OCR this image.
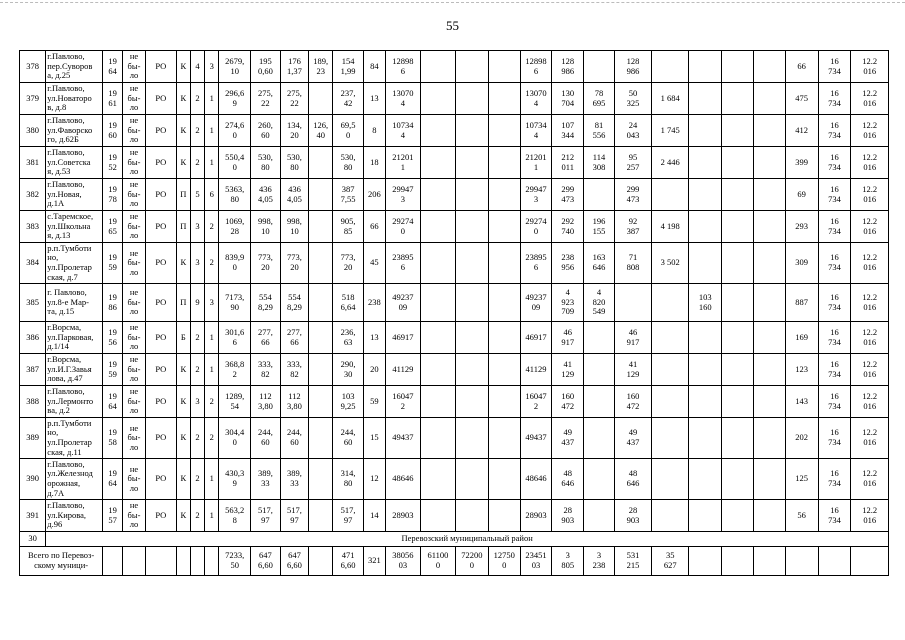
55
378	г.Павлово,
пер.Суворов
а, д.25	19
64	не
бы-
ло	РО	К	4	3	2679,
10	195
0,60	176
1,37	189,
23	154
1,99	84	12898
6				12898
6	128
986		128
986					66	16
734	12.2
016
379	г.Павлово,
ул.Новаторо
в, д.8	19
61	не
бы-
ло	РО	К	2	1	296,6
9	275,
22	275,
22		237,
42	13	13070
4				13070
4	130
704	78
695	50
325	1 684				475	16
734	12.2
016
380	г.Павлово,
ул.Фаворско
го, д.62Б	19
60	не
бы-
ло	РО	К	2	1	274,6
0	260,
60	134,
20	126,
40	69,5
0	8	10734
4				10734
4	107
344	81
556	24
043	1 745				412	16
734	12.2
016
381	г.Павлово,
ул.Советска
я, д.53	19
52	не
бы-
ло	РО	К	2	1	550,4
0	530,
80	530,
80		530,
80	18	21201
1				21201
1	212
011	114
308	95
257	2 446				399	16
734	12.2
016
382	г.Павлово,
ул.Новая,
д.1А	19
78	не
бы-
ло	РО	П	5	6	5363,
80	436
4,05	436
4,05		387
7,55	206	29947
3				29947
3	299
473		299
473					69	16
734	12.2
016
383	с.Таремское,
ул.Школьна
я, д.13	19
65	не
бы-
ло	РО	П	3	2	1069,
28	998,
10	998,
10		905,
85	66	29274
0				29274
0	292
740	196
155	92
387	4 198				293	16
734	12.2
016
384	р.п.Тумботи
но,
ул.Пролетар
ская, д.7	19
59	не
бы-
ло	РО	К	3	2	839,9
0	773,
20	773,
20		773,
20	45	23895
6				23895
6	238
956	163
646	71
808	3 502				309	16
734	12.2
016
385	г. Павлово,
ул.8-е Мар-
та, д.15	19
86	не
бы-
ло	РО	П	9	3	7173,
90	554
8,29	554
8,29		518
6,64	238	49237
09				49237
09	4
923
709	4
820
549			103
160			887	16
734	12.2
016
386	г.Ворсма,
ул.Парковая,
д.1/14	19
56	не
бы-
ло	РО	Б	2	1	301,6
6	277,
66	277,
66		236,
63	13	46917				46917	46
917		46
917					169	16
734	12.2
016
387	г.Ворсма,
ул.И.Г.Завья
лова, д.47	19
59	не
бы-
ло	РО	К	2	1	368,8
2	333,
82	333,
82		290,
30	20	41129				41129	41
129		41
129					123	16
734	12.2
016
388	г.Павлово,
ул.Лермонто
ва, д.2	19
64	не
бы-
ло	РО	К	3	2	1289,
54	112
3,80	112
3,80		103
9,25	59	16047
2				16047
2	160
472		160
472					143	16
734	12.2
016
389	р.п.Тумботи
но,
ул.Пролетар
ская, д.11	19
58	не
бы-
ло	РО	К	2	2	304,4
0	244,
60	244,
60		244,
60	15	49437				49437	49
437		49
437					202	16
734	12.2
016
390	г.Павлово,
ул.Железнод
орожная,
д.7А	19
64	не
бы-
ло	РО	К	2	1	430,3
9	389,
33	389,
33		314,
80	12	48646				48646	48
646		48
646					125	16
734	12.2
016
391	г.Павлово,
ул.Кирова,
д.96	19
57	не
бы-
ло	РО	К	2	1	563,2
8	517,
97	517,
97		517,
97	14	28903				28903	28
903		28
903					56	16
734	12.2
016
30	Перевозский муниципальный район																											
Всего по Перевоз-
скому муници-								7233,
50	647
6,60	647
6,60		471
6,60	321	38056
03	61100
0	72200
0	12750
0	23451
03	3
805	3
238	531
215	35
627						
